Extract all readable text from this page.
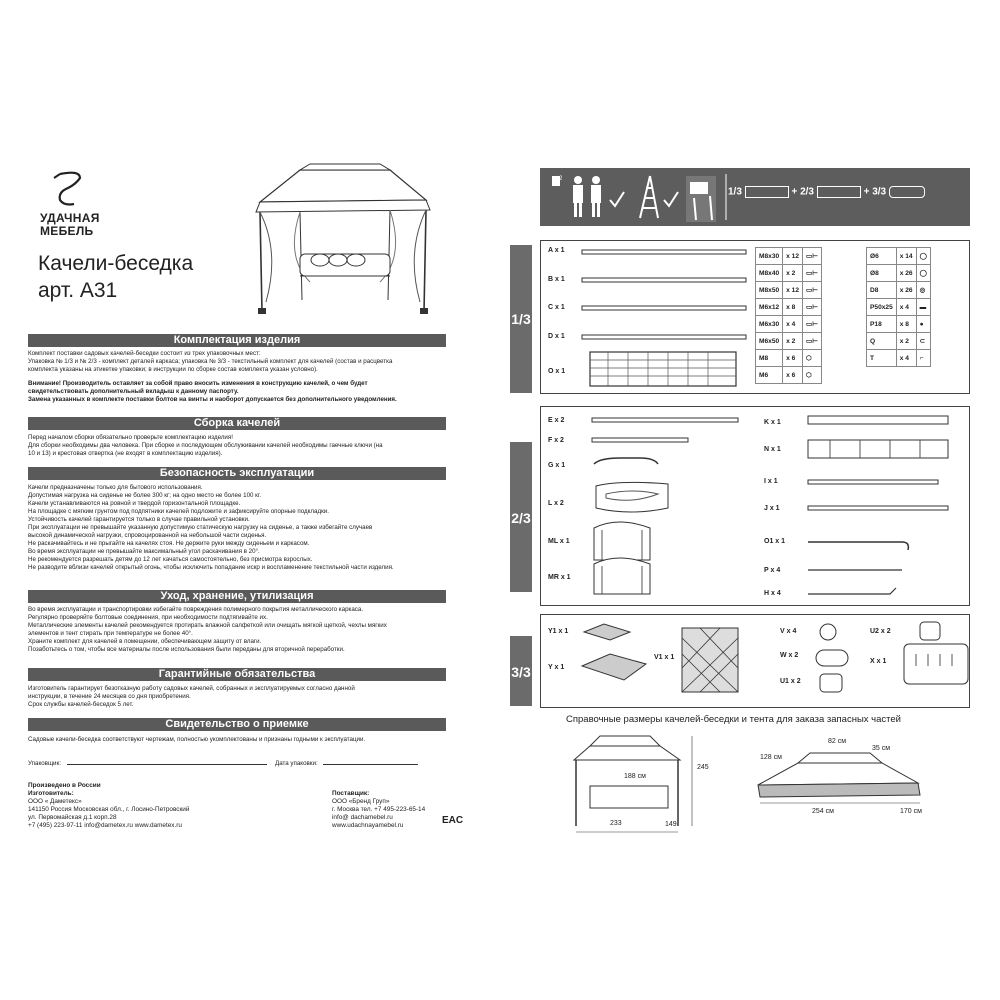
УДАЧНАЯ
МЕБЕЛЬ
Качели-беседка
арт. А31
Комплектация изделия
Комплект поставки садовых качелей-беседки состоит из трех упаковочных мест:
Упаковка № 1/3 и № 2/3 - комплект деталей каркаса; упаковка № 3/3 - текстильный комплект для качелей (состав и расцветка
комплекта указаны на этикетке упаковки; в инструкции по сборке состав комплекта указан условно).
Внимание! Производитель оставляет за собой право вносить изменения в конструкцию качелей, о чем будет
свидетельствовать дополнительный вкладыш к данному паспорту.
Замена указанных в комплекте поставки болтов на винты и наоборот допускается без дополнительного уведомления.
Сборка качелей
Перед началом сборки обязательно проверьте комплектацию изделия!
Для сборки необходимы два человека. При сборке и последующем обслуживании качелей необходимы гаечные ключи (на
10 и 13) и крестовая отвертка (не входят в комплектацию изделия).
Безопасность эксплуатации
Качели предназначены только для бытового использования.
Допустимая нагрузка на сиденье не более 300 кг; на одно место не более 100 кг.
Качели устанавливаются на ровной и твердой горизонтальной площадке.
На площадке с мягким грунтом под подпятники качелей подложите и зафиксируйте опорные подкладки.
Устойчивость качелей гарантируется только в случае правильной установки.
При эксплуатации не превышайте указанную допустимую статическую нагрузку на сиденье, а также избегайте случаев
высокой динамической нагрузки, спровоцированной на небольшой части сиденья.
Не раскачивайтесь и не прыгайте на качелях стоя. Не держите руки между сиденьем и каркасом.
Во время эксплуатации не превышайте максимальный угол раскачивания в 20°.
Не рекомендуется разрешать детям до 12 лет качаться самостоятельно, без присмотра взрослых.
Не разводите вблизи качелей открытый огонь, чтобы исключить попадание искр и воспламенение текстильной части изделия.
Уход, хранение, утилизация
Во время эксплуатации и транспортировки избегайте повреждения полимерного покрытия металлического каркаса.
Регулярно проверяйте болтовые соединения, при необходимости подтягивайте их.
Металлические элементы качелей рекомендуется протирать влажной салфеткой или очищать мягкой щеткой, чехлы мягких
элементов и тент стирать при температуре не более 40°.
Храните комплект для качелей в помещении, обеспечивающем защиту от влаги.
Позаботьтесь о том, чтобы все материалы после использования были переданы для вторичной переработки.
Гарантийные обязательства
Изготовитель гарантирует безотказную работу садовых качелей, собранных и эксплуатируемых согласно данной
инструкции, в течение 24 месяцев со дня приобретения.
Срок службы качелей-беседок 5 лет.
Свидетельство о приемке
Садовые качели-беседка соответствуют чертежам, полностью укомплектованы и признаны годными к эксплуатации.
Упаковщик:	Дата упаковки:
Произведено в России
Изготовитель:
ООО « Даметекс»
141150 Россия Московская обл., г. Лосино-Петровский
ул. Первомайская д.1 корп.28
+7 (495) 223-97-11 info@dametex.ru www.dametex.ru
Поставщик:
ООО «Бренд Груп»
г. Москва тел. +7 495-223-65-14
info@ dachamebel.ru
www.udachnayamebel.ru	EAC
1/3	+ 2/3	+ 3/3
x2
1/3
2/3
3/3
A x 1
B x 1
C x 1
D x 1
O x 1
M8x30	x 12	▭⊢
M8x40	x 2	▭⊢
M8x50	x 12	▭⊢
M6x12	x 8	▭⊢
M6x30	x 4	▭⊢
M6x50	x 2	▭⊢
M8	x 6	⬡
M6	x 6	⬡
Ø6	x 14	◯
Ø8	x 26	◯
D8	x 26	◎
P50x25	x 4	▬
P18	x 8	●
Q	x 2	⊂
T	x 4	⌐
E x 2
F x 2
G x 1
L x 2
ML x 1
MR x 1
K x 1
N x 1
I x 1
J x 1
O1 x 1
P x 4
H x 4
Y1 x 1
Y x 1
V1 x 1
V x 4
W x 2
U1 x 2
U2 x 2
X x 1
Справочные размеры качелей-беседки и тента для заказа запасных частей
245
188 см
233	149
128 см
82 см
35 см
254 см	170 см
